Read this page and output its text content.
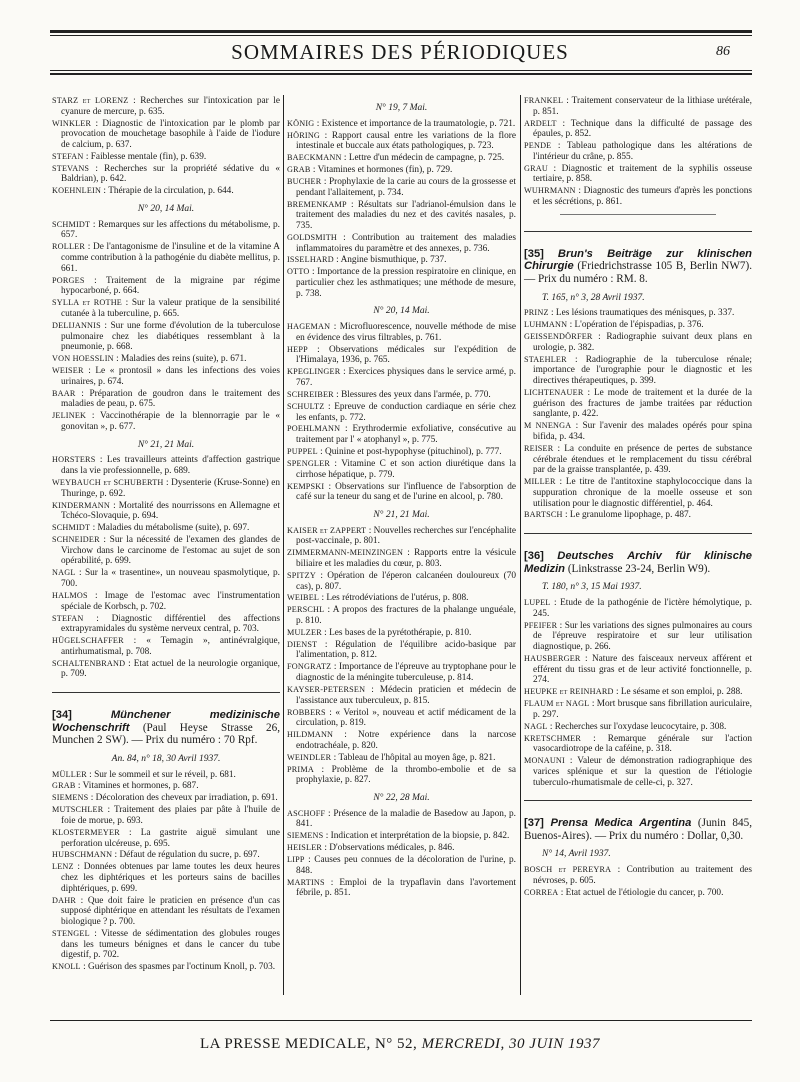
SOMMAIRES DES PÉRIODIQUES	86

STARZ et LORENZ : Recherches sur l'intoxication par le cyanure de mercure, p. 635.

WINKLER : Diagnostic de l'intoxication par le plomb par provocation de mouchetage basophile à l'aide de l'iodure de calcium, p. 637.

STEFAN : Faiblesse mentale (fin), p. 639.

STEVANS : Recherches sur la propriété sédative du « Baldrian), p. 642.

KOEHNLEIN : Thérapie de la circulation, p. 644.

N° 20, 14 Mai.

SCHMIDT : Remarques sur les affections du métabolisme, p. 657.

ROLLER : De l'antagonisme de l'insuline et de la vitamine A comme contribution à la pathogénie du diabète mellitus, p. 661.

PORGES : Traitement de la migraine par régime hypocarboné, p. 664.

SYLLA et ROTHE : Sur la valeur pratique de la sensibilité cutanée à la tuberculine, p. 665.

DELIJANNIS : Sur une forme d'évolution de la tuberculose pulmonaire chez les diabétiques ressemblant à la pneumonie, p. 668.

VON HOESSLIN : Maladies des reins (suite), p. 671.

WEISER : Le « prontosil » dans les infections des voies urinaires, p. 674.

BAAR : Préparation de goudron dans le traitement des maladies de peau, p. 675.

JELINEK : Vaccinothérapie de la blennorragie par le « gonovitan », p. 677.

N° 21, 21 Mai.

HORSTERS : Les travailleurs atteints d'affection gastrique dans la vie professionnelle, p. 689.

WEYBAUCH et SCHUBERTH : Dysenterie (Kruse-Sonne) en Thuringe, p. 692.

KINDERMANN : Mortalité des nourrissons en Allemagne et Tchéco-Slovaquie, p. 694.

SCHMIDT : Maladies du métabolisme (suite), p. 697.

SCHNEIDER : Sur la nécessité de l'examen des glandes de Virchow dans le carcinome de l'estomac au sujet de son opérabilité, p. 699.

NAGL : Sur la « trasentine», un nouveau spasmolytique, p. 700.

HALMOS : Image de l'estomac avec l'instrumentation spéciale de Korbsch, p. 702.

STEFAN : Diagnostic différentiel des affections extrapyramidales du système nerveux central, p. 703.

HÜGELSCHAFFER : « Temagin », antinévralgique, antirhumatismal, p. 708.

SCHALTENBRAND : Etat actuel de la neurologie organique, p. 709.

[34]	Münchener medizinische Wochenschrift (Paul Heyse Strasse 26, Munchen 2 SW). — Prix du numéro : 70 Rpf.

An. 84, n° 18, 30 Avril 1937.

MÜLLER : Sur le sommeil et sur le réveil, p. 681.

GRAB : Vitamines et hormones, p. 687.

SIEMENS : Décoloration des cheveux par irradiation, p. 691.

MUTSCHLER : Traitement des plaies par pâte à l'huile de foie de morue, p. 693.

KLOSTERMEYER : La gastrite aiguë simulant une perforation ulcéreuse, p. 695.

HUBSCHMANN : Défaut de régulation du sucre, p. 697.

LENZ : Données obtenues par lame toutes les deux heures chez les diphtériques et les porteurs sains de bacilles diphtériques, p. 699.

DAHR : Que doit faire le praticien en présence d'un cas supposé diphtérique en attendant les résultats de l'examen biologique ? p. 700.

STENGEL : Vitesse de sédimentation des globules rouges dans les tumeurs bénignes et dans le cancer du tube digestif, p. 702.

KNOLL : Guérison des spasmes par l'octinum Knoll, p. 703.

N° 19, 7 Mai.

KÖNIG : Existence et importance de la traumatologie, p. 721.

HÖRING : Rapport causal entre les variations de la flore intestinale et buccale aux états pathologiques, p. 723.

BAECKMANN : Lettre d'un médecin de campagne, p. 725.

GRAB : Vitamines et hormones (fin), p. 729.

BUCHER : Prophylaxie de la carie au cours de la grossesse et pendant l'allaitement, p. 734.

BREMENKAMP : Résultats sur l'adrianol-émulsion dans le traitement des maladies du nez et des cavités nasales, p. 735.

GOLDSMITH : Contribution au traitement des maladies inflammatoires du paramètre et des annexes, p. 736.

ISSELHARD : Angine bismuthique, p. 737.

OTTO : Importance de la pression respiratoire en clinique, en particulier chez les asthmatiques; une méthode de mesure, p. 738.

N° 20, 14 Mai.

HAGEMAN : Microfluorescence, nouvelle méthode de mise en évidence des virus filtrables, p. 761.

HEPP : Observations médicales sur l'expédition de l'Himalaya, 1936, p. 765.

KPEGLINGER : Exercices physiques dans le service armé, p. 767.

SCHREIBER : Blessures des yeux dans l'armée, p. 770.

SCHULTZ : Epreuve de conduction cardiaque en série chez les enfants, p. 772.

POEHLMANN : Erythrodermie exfoliative, consécutive au traitement par l' « atophanyl », p. 775.

PUPPEL : Quinine et post-hypophyse (pituchinol), p. 777.

SPENGLER : Vitamine C et son action diurétique dans la cirrhose hépatique, p. 779.

KEMPSKI : Observations sur l'influence de l'absorption de café sur la teneur du sang et de l'urine en alcool, p. 780.

N° 21, 21 Mai.

KAISER et ZAPPERT : Nouvelles recherches sur l'encéphalite post-vaccinale, p. 801.

ZIMMERMANN-MEINZINGEN : Rapports entre la vésicule biliaire et les maladies du cœur, p. 803.

SPITZY : Opération de l'éperon calcanéen douloureux (70 cas), p. 807.

WEIBEL : Les rétrodéviations de l'utérus, p. 808.

PERSCHL : A propos des fractures de la phalange unguéale, p. 810.

MULZER : Les bases de la pyrétothérapie, p. 810.

DIENST : Régulation de l'équilibre acido-basique par l'alimentation, p. 812.

FONGRATZ : Importance de l'épreuve au tryptophane pour le diagnostic de la méningite tuberculeuse, p. 814.

KAYSER-PETERSEN : Médecin praticien et médecin de l'assistance aux tuberculeux, p. 815.

ROBBERS : « Veritol », nouveau et actif médicament de la circulation, p. 819.

HILDMANN : Notre expérience dans la narcose endotrachéale, p. 820.

WEINDLER : Tableau de l'hôpital au moyen âge, p. 821.

PRIMA : Problème de la thrombo-embolie et de sa prophylaxie, p. 827.

N° 22, 28 Mai.

ASCHOFF : Présence de la maladie de Basedow au Japon, p. 841.

SIEMENS : Indication et interprétation de la biopsie, p. 842.

HEISLER : D'observations médicales, p. 846.

LIPP : Causes peu connues de la décoloration de l'urine, p. 848.

MARTINS : Emploi de la trypaflavin dans l'avortement fébrile, p. 851.

FRANKEL : Traitement conservateur de la lithiase urétérale, p. 851.

ARDELT : Technique dans la difficulté de passage des épaules, p. 852.

PENDE : Tableau pathologique dans les altérations de l'intérieur du crâne, p. 855.

GRAU : Diagnostic et traitement de la syphilis osseuse tertiaire, p. 858.

WUHRMANN : Diagnostic des tumeurs d'après les ponctions et les sécrétions, p. 861.

[35] Brun's Beiträge zur klinischen Chirurgie (Friedrichstrasse 105 B, Berlin NW7). — Prix du numéro : RM. 8.

T. 165, n° 3, 28 Avril 1937.

PRINZ : Les lésions traumatiques des ménisques, p. 337.

LUHMANN : L'opération de l'épispadias, p. 376.

GEISSENDÖRFER : Radiographie suivant deux plans en urologie, p. 382.

STAEHLER : Radiographie de la tuberculose rénale; importance de l'urographie pour le diagnostic et les directives thérapeutiques, p. 399.

LICHTENAUER : Le mode de traitement et la durée de la guérison des fractures de jambe traitées par réduction sanglante, p. 422.

M NNENGA : Sur l'avenir des malades opérés pour spina bifida, p. 434.

REISER : La conduite en présence de pertes de substance cérébrale étendues et le remplacement du tissu cérébral par de la graisse transplantée, p. 439.

MILLER : Le titre de l'antitoxine staphylococcique dans la suppuration chronique de la moelle osseuse et son utilisation pour le diagnostic différentiel, p. 464.

BARTSCH : Le granulome lipophage, p. 487.

[36] Deutsches Archiv für klinische Medizin (Linkstrasse 23-24, Berlin W9).

T. 180, n° 3, 15 Mai 1937.

LUPEL : Etude de la pathogénie de l'ictère hémolytique, p. 245.

PFEIFER : Sur les variations des signes pulmonaires au cours de l'épreuve respiratoire et sur leur utilisation diagnostique, p. 266.

HAUSBERGER : Nature des faisceaux nerveux afférent et efférent du tissu gras et de leur activité fonctionnelle, p. 274.

HEUPKE et REINHARD : Le sésame et son emploi, p. 288.

FLAUM et NAGL : Mort brusque sans fibrillation auriculaire, p. 297.

NAGL : Recherches sur l'oxydase leucocytaire, p. 308.

KRETSCHMER : Remarque générale sur l'action vasocardiotrope de la caféine, p. 318.

MONAUNI : Valeur de démonstration radiographique des varices splénique et sur la question de l'étiologie tuberculo-rhumatismale de celle-ci, p. 327.

[37] Prensa Medica Argentina (Junin 845, Buenos-Aires). — Prix du numéro : Dollar, 0,30.

N° 14, Avril 1937.

BOSCH et PEREYRA : Contribution au traitement des névroses, p. 605.

CORREA : Etat actuel de l'étiologie du cancer, p. 700.

LA PRESSE MEDICALE, N° 52, MERCREDI, 30 JUIN 1937
